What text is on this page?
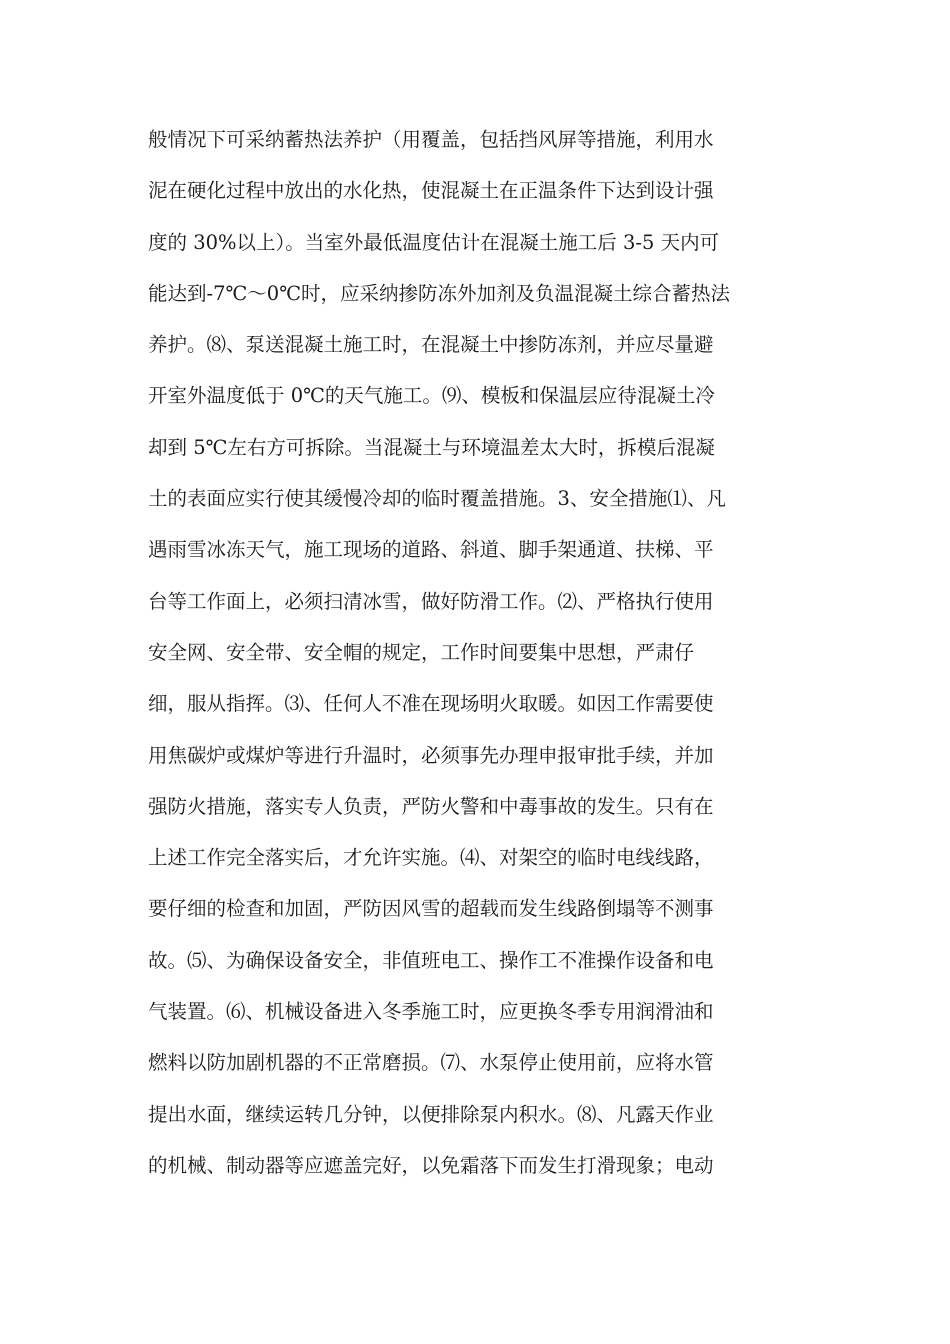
般情况下可采纳蓄热法养护（用覆盖，包括挡风屏等措施，利用水
泥在硬化过程中放出的水化热，使混凝土在正温条件下达到设计强
度的 30%以上）。当室外最低温度估计在混凝土施工后 3-5 天内可
能达到-7℃～0℃时，应采纳掺防冻外加剂及负温混凝土综合蓄热法
养护。⑻、泵送混凝土施工时，在混凝土中掺防冻剂，并应尽量避
开室外温度低于 0℃的天气施工。⑼、模板和保温层应待混凝土冷
却到 5℃左右方可拆除。当混凝土与环境温差太大时，拆模后混凝
土的表面应实行使其缓慢冷却的临时覆盖措施。3、安全措施⑴、凡
遇雨雪冰冻天气，施工现场的道路、斜道、脚手架通道、扶梯、平
台等工作面上，必须扫清冰雪，做好防滑工作。⑵、严格执行使用
安全网、安全带、安全帽的规定，工作时间要集中思想，严肃仔
细，服从指挥。⑶、任何人不准在现场明火取暖。如因工作需要使
用焦碳炉或煤炉等进行升温时，必须事先办理申报审批手续，并加
强防火措施，落实专人负责，严防火警和中毒事故的发生。只有在
上述工作完全落实后，才允许实施。⑷、对架空的临时电线线路，
要仔细的检查和加固，严防因风雪的超载而发生线路倒塌等不测事
故。⑸、为确保设备安全，非值班电工、操作工不准操作设备和电
气装置。⑹、机械设备进入冬季施工时，应更换冬季专用润滑油和
燃料以防加剧机器的不正常磨损。⑺、水泵停止使用前，应将水管
提出水面，继续运转几分钟，以便排除泵内积水。⑻、凡露天作业
的机械、制动器等应遮盖完好，以免霜落下而发生打滑现象；电动
